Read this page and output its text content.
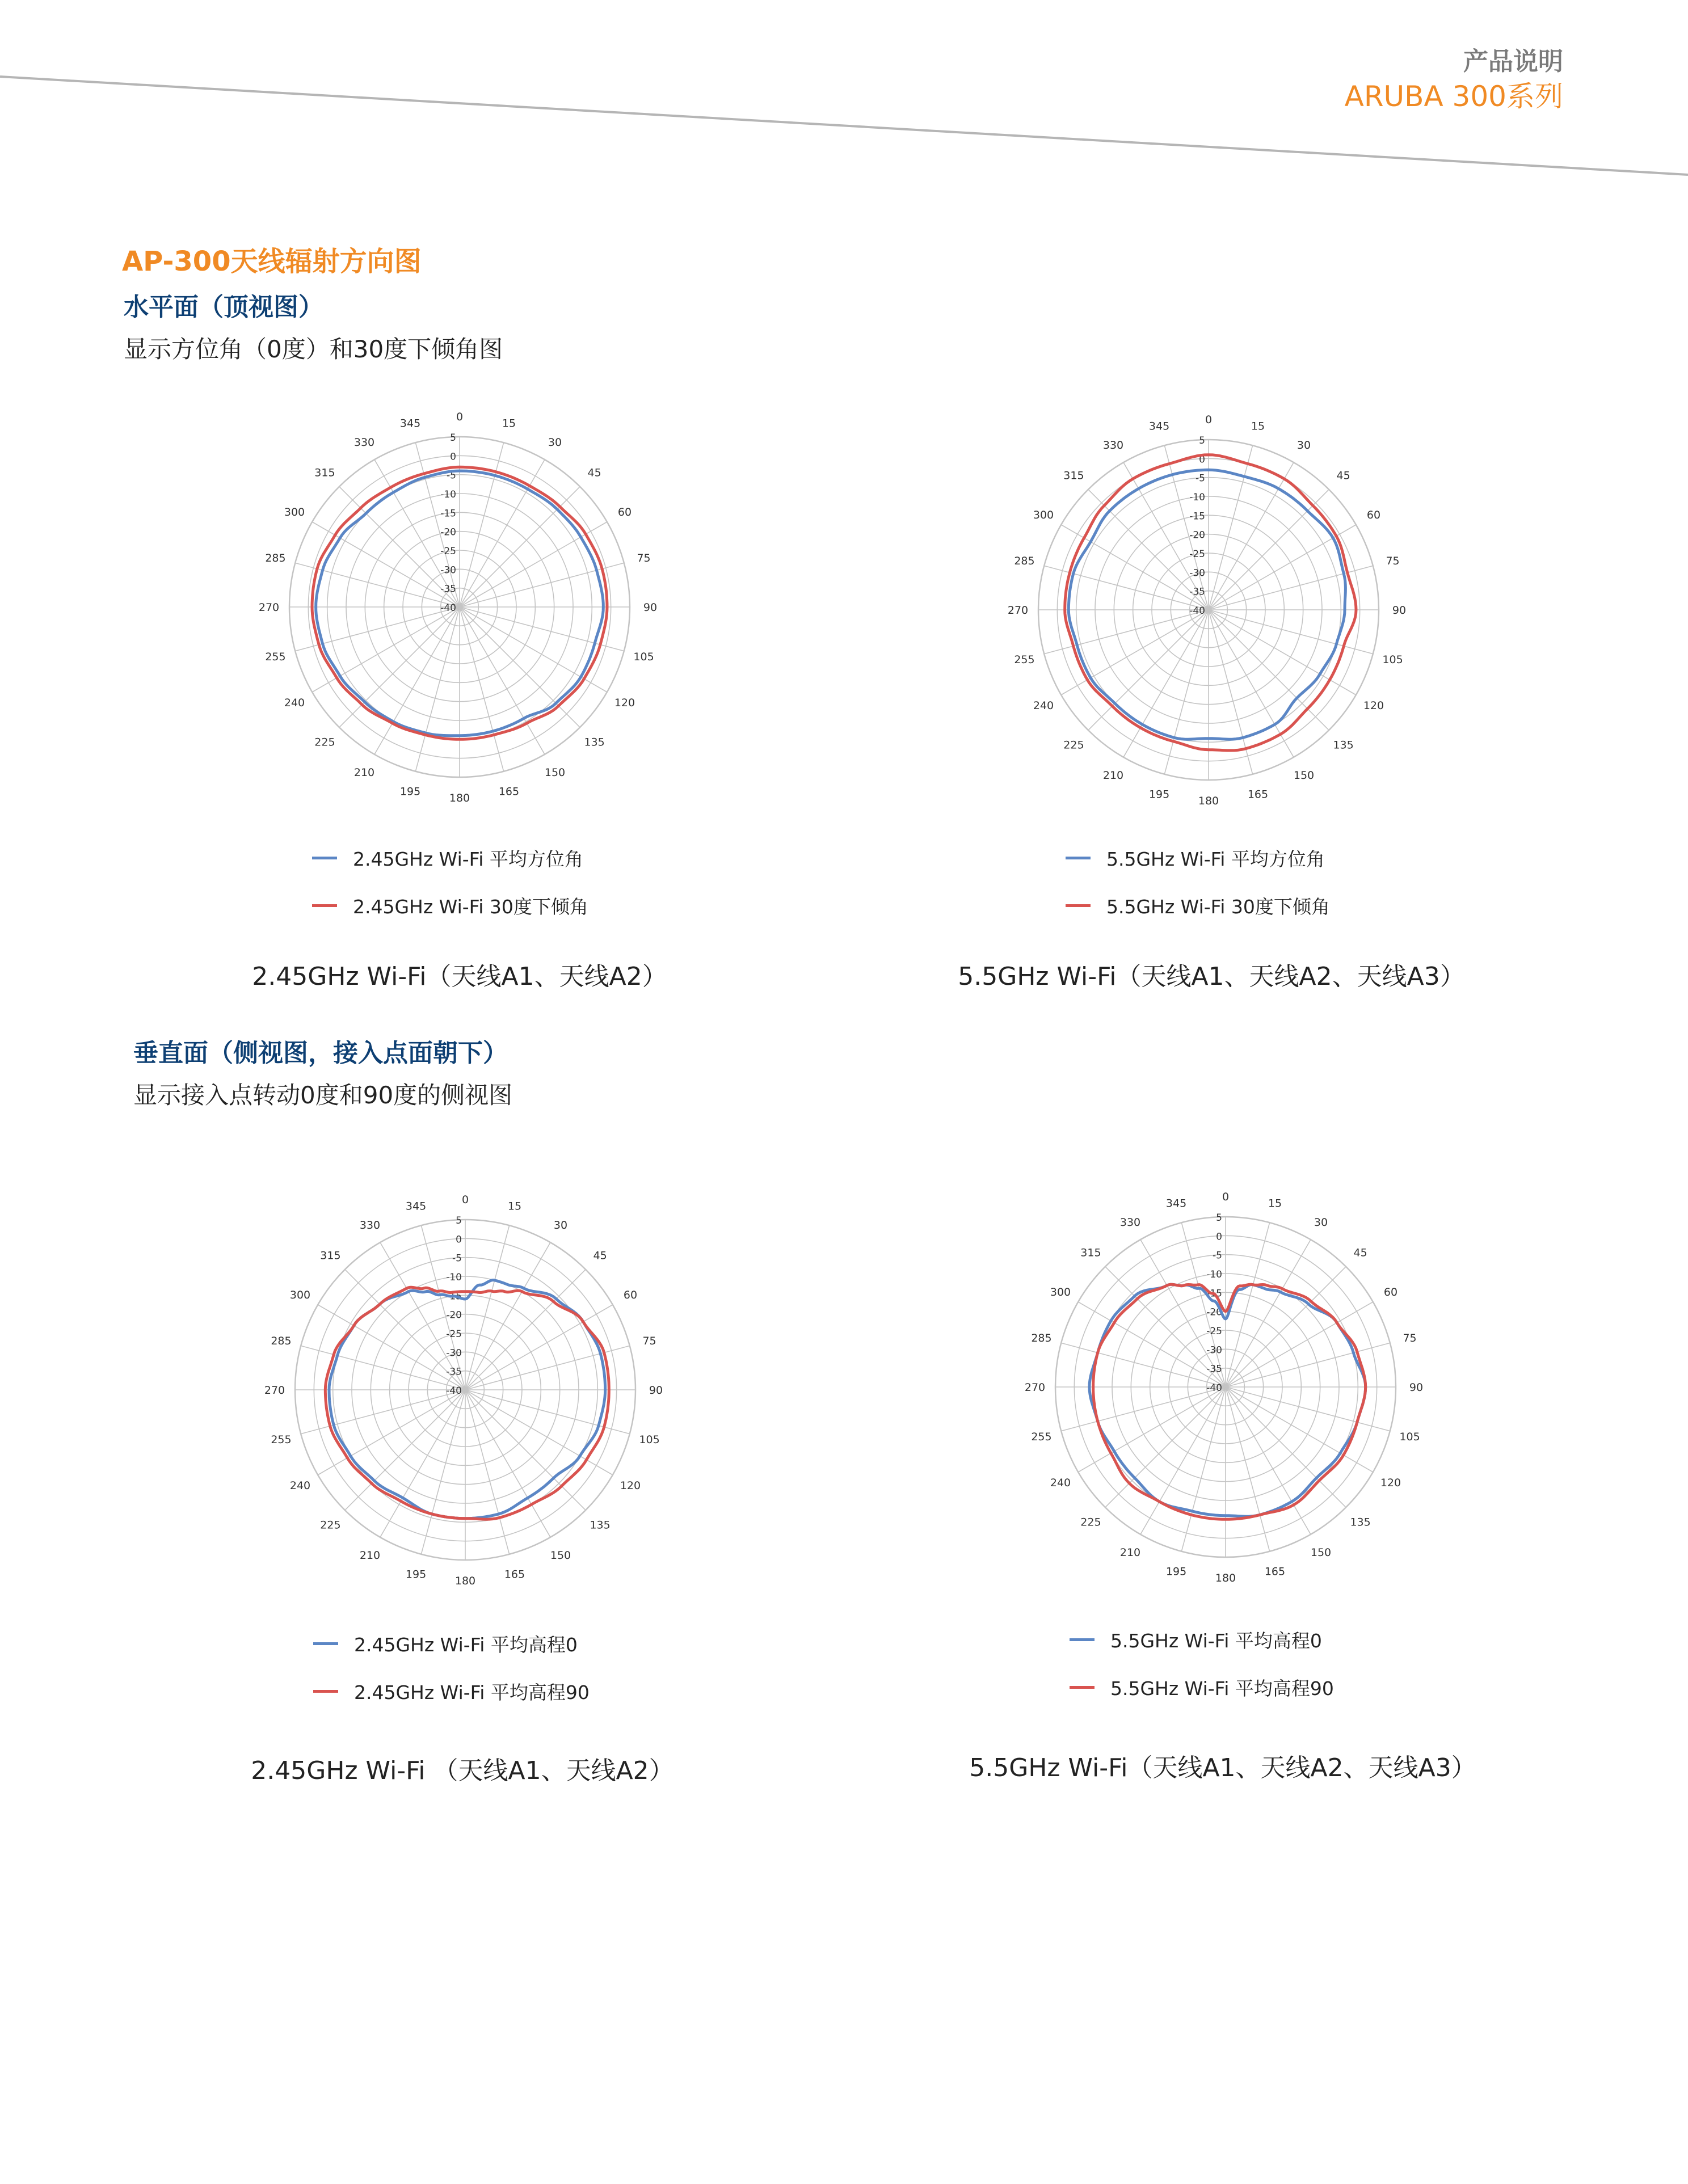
产品说明
ARUBA 300系列
AP-300天线辐射方向图
水平面（顶视图）
显示方位角（0度）和30度下倾角图
垂直面（侧视图，接入点面朝下）
显示接入点转动0度和90度的侧视图
0
15
30
45
60
75
90
105
120
135
150
165
180
195
210
225
240
255
270
285
300
315
330
345
5
0
-5
-10
-15
-20
-25
-30
-35
-40
0
15
30
45
60
75
90
105
120
135
150
165
180
195
210
225
240
255
270
285
300
315
330
345
5
0
-5
-10
-15
-20
-25
-30
-35
-40
0
15
30
45
60
75
90
105
120
135
150
165
180
195
210
225
240
255
270
285
300
315
330
345
5
0
-5
-10
-15
-20
-25
-30
-35
-40
0
15
30
45
60
75
90
105
120
135
150
165
180
195
210
225
240
255
270
285
300
315
330
345
5
0
-5
-10
-15
-20
-25
-30
-35
-40
2.45GHz Wi-Fi 平均方位角
2.45GHz Wi-Fi 30度下倾角
5.5GHz Wi-Fi 平均方位角
5.5GHz Wi-Fi 30度下倾角
2.45GHz Wi-Fi 平均高程0
2.45GHz Wi-Fi 平均高程90
5.5GHz Wi-Fi 平均高程0
5.5GHz Wi-Fi 平均高程90
2.45GHz Wi-Fi（天线A1、天线A2）	5.5GHz Wi-Fi（天线A1、天线A2、天线A3）
2.45GHz Wi-Fi （天线A1、天线A2）	5.5GHz Wi-Fi（天线A1、天线A2、天线A3）
